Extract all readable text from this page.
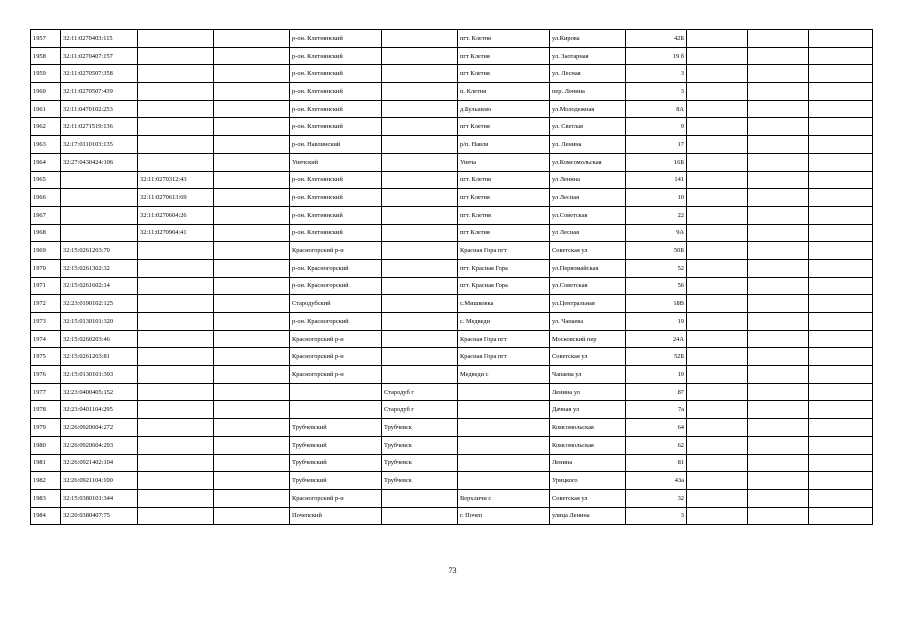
1957	32:11:0270403:115			р-он. Клетнянский		пгт. Клетня	ул.Кирова	42Б			
1958	32:11:0270407:157			р-он. Клетнянский		пгт Клетня	ул. Заотарная	19 б			
1959	32:11:0270507:358			р-он. Клетнянский		пгт Клетня	ул. Лесная	3			
1960	32:11:0270507:439			р-он. Клетнянский		п. Клетня	пер. Ленина	3			
1961	32:11:0470102:253			р-он. Клетнянский		д.Бульшево	ул.Молодежная	8А			
1962	32:11:0271519:136			р-он. Клетнянский		пгт Клетня	ул. Светлая	9			
1963	32:17:0110103:135			р-он. Навлинский		р/п. Навля	ул. Ленина	17			
1964	32:27:0430424:106			Унечский		Унеча	ул.Комсомольская	16Б			
1965		32:11:0270312:43		р-он. Клетнянский		пгт. Клетня	ул Ленина	141			
1966		32:11:0270613:69		р-он. Клетнянский		пгт Клетня	ул Лесная	10			
1967		32:11:0270604:26		р-он. Клетнянский		пгт. Клетня	ул.Советская	22			
1968		32:11:0270904:41		р-он. Клетнянский		пгт Клетня	ул Лесная	9А			
1969	32:15:0261203:70			Красногорский р-н		Красная Гора пгт	Советская ул	50Б			
1970	32:15:0261302:32			р-он. Красногорский		пгт. Красная Гора	ул.Первомайская	52			
1971	32:15:0261602:14			р-он. Красногорский		пгт. Красная Гора	ул.Советская	56			
1972	32:23:0190102:125			Стародубский		с.Мишковка	ул.Центральная	18В			
1973	32:15:0130101:320			р-он. Красногорский		с. Медведи	ул. Чапаева	19			
1974	32:15:0260203:46			Красногорский р-н		Красная Гора пгт	Московский пер	24А			
1975	32:15:0261203:81			Красногорский р-н		Красная Гора пгт	Советская ул	52Б			
1976	32:15:0130101:393			Красногорский р-н		Медведи с	Чапаева ул	19			
1977	32:23:0400405:152				Стародуб г		Ленина ул	87			
1978	32:23:0401104:295				Стародуб г		Дачная ул	7а			
1979	32:26:0920604:272			Трубчевский	Трубчевск		Комсомольская	64			
1980	32:26:0920604:293			Трубчевский	Трубчевск		Комсомольская	62			
1981	32:26:0921402:104			Трубчевский	Трубчевск		Ленина	81			
1982	32:26:0921104:100			Трубчевский	Трубчевск		Урицкого	43а			
1983	32:15:0380101:344			Красногорский р-н		Верхличи с	Советская ул	32			
1984	32:20:0380407:75			Почепский		г. Почеп	улица Ленина	3			
73
